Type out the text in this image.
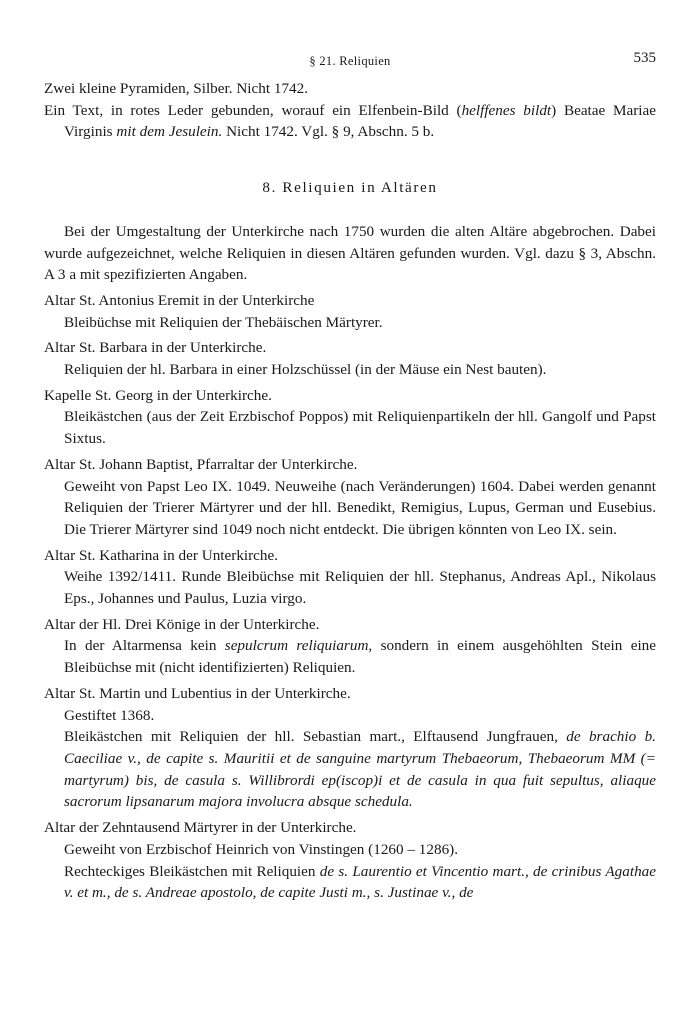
§ 21. Reliquien	535

Zwei kleine Pyramiden, Silber. Nicht 1742.

Ein Text, in rotes Leder gebunden, worauf ein Elfenbein-Bild (helffenes bildt) Beatae Mariae Virginis mit dem Jesulein. Nicht 1742. Vgl. § 9, Abschn. 5 b.

8. Reliquien in Altären

Bei der Umgestaltung der Unterkirche nach 1750 wurden die alten Altäre abgebrochen. Dabei wurde aufgezeichnet, welche Reliquien in diesen Altären gefunden wurden. Vgl. dazu § 3, Abschn. A 3 a mit spezifizierten Angaben.

Altar St. Antonius Eremit in der Unterkirche

Bleibüchse mit Reliquien der Thebäischen Märtyrer.

Altar St. Barbara in der Unterkirche.

Reliquien der hl. Barbara in einer Holzschüssel (in der Mäuse ein Nest bauten).

Kapelle St. Georg in der Unterkirche.

Bleikästchen (aus der Zeit Erzbischof Poppos) mit Reliquienpartikeln der hll. Gangolf und Papst Sixtus.

Altar St. Johann Baptist, Pfarraltar der Unterkirche.

Geweiht von Papst Leo IX. 1049. Neuweihe (nach Veränderungen) 1604. Dabei werden genannt Reliquien der Trierer Märtyrer und der hll. Benedikt, Remigius, Lupus, German und Eusebius. Die Trierer Märtyrer sind 1049 noch nicht entdeckt. Die übrigen könnten von Leo IX. sein.

Altar St. Katharina in der Unterkirche.

Weihe 1392/1411. Runde Bleibüchse mit Reliquien der hll. Stephanus, Andreas Apl., Nikolaus Eps., Johannes und Paulus, Luzia virgo.

Altar der Hl. Drei Könige in der Unterkirche.

In der Altarmensa kein sepulcrum reliquiarum, sondern in einem ausgehöhlten Stein eine Bleibüchse mit (nicht identifizierten) Reliquien.

Altar St. Martin und Lubentius in der Unterkirche.

Gestiftet 1368.

Bleikästchen mit Reliquien der hll. Sebastian mart., Elftausend Jungfrauen, de brachio b. Caeciliae v., de capite s. Mauritii et de sanguine martyrum Thebaeorum, Thebaeorum MM (= martyrum) bis, de casula s. Willibrordi ep(iscop)i et de casula in qua fuit sepultus, aliaque sacrorum lipsanarum majora involucra absque schedula.

Altar der Zehntausend Märtyrer in der Unterkirche.

Geweiht von Erzbischof Heinrich von Vinstingen (1260 – 1286).

Rechteckiges Bleikästchen mit Reliquien de s. Laurentio et Vincentio mart., de crinibus Agathae v. et m., de s. Andreae apostolo, de capite Justi m., s. Justinae v., de
